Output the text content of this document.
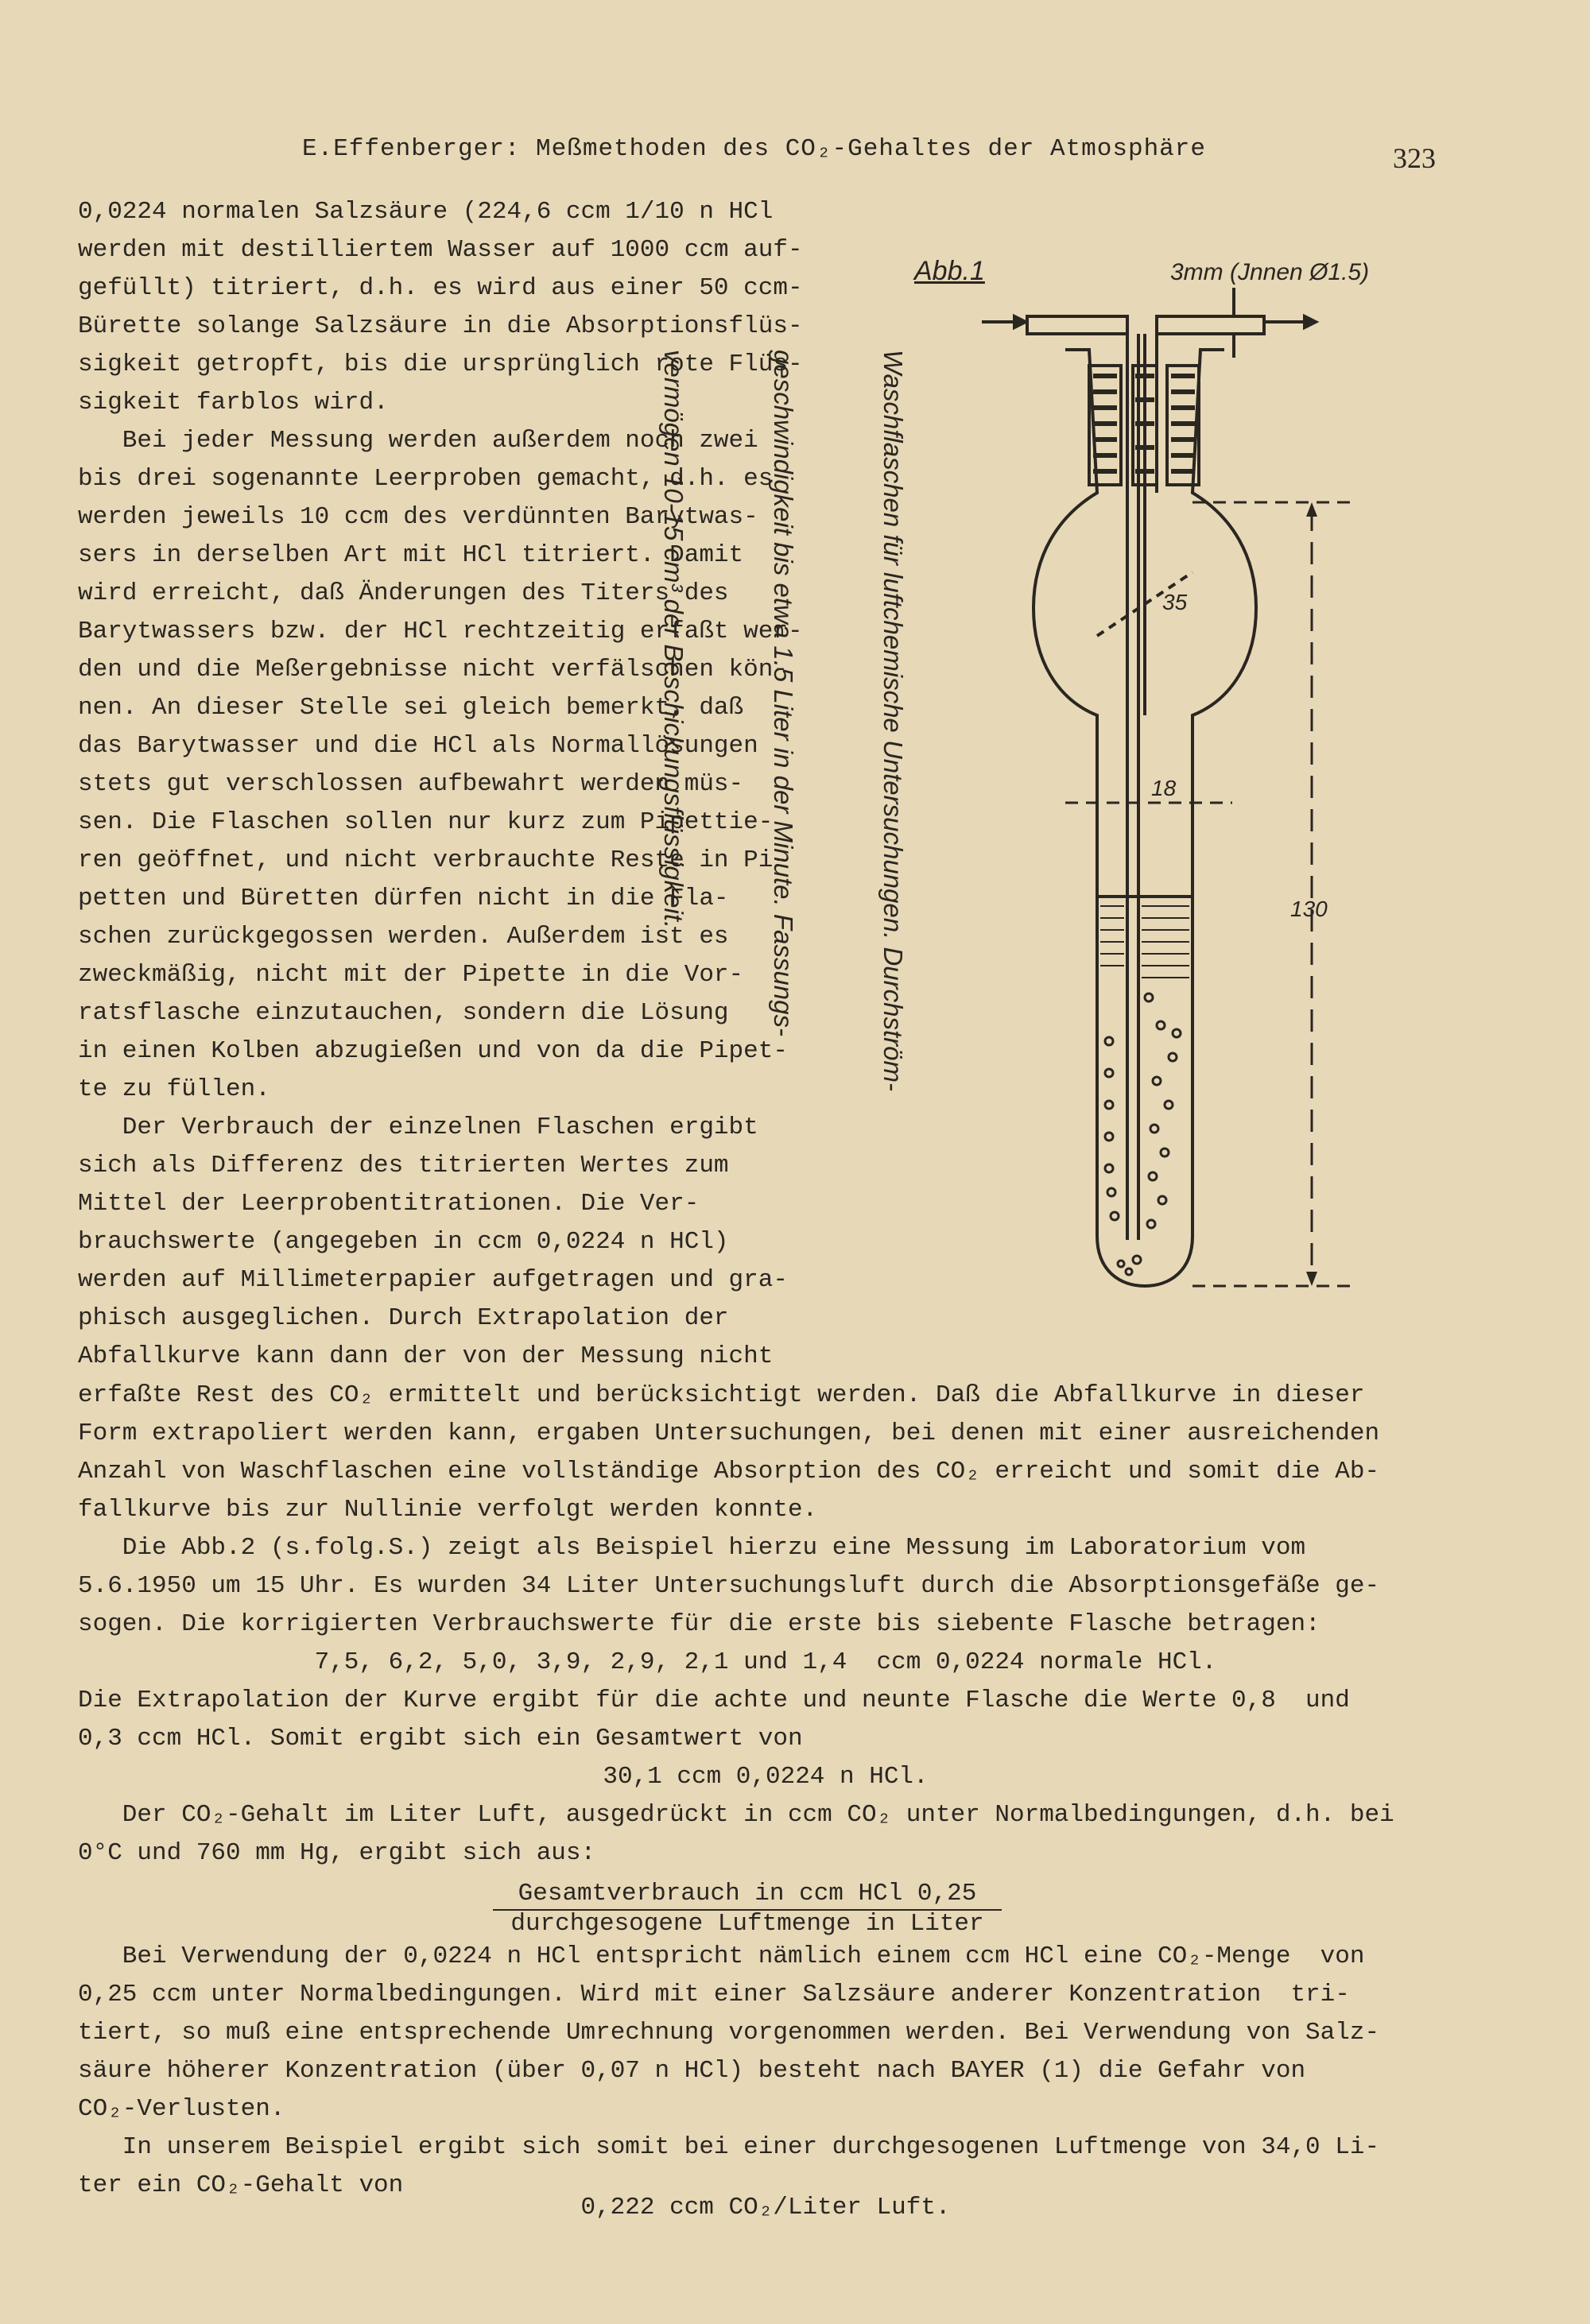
E.Effenberger: Meßmethoden des CO₂-Gehaltes der Atmosphäre	323
0,0224 normalen Salzsäure (224,6 ccm 1/10 n HCl
werden mit destilliertem Wasser auf 1000 ccm auf-
gefüllt) titriert, d.h. es wird aus einer 50 ccm-
Bürette solange Salzsäure in die Absorptionsflüs-
sigkeit getropft, bis die ursprünglich rote Flüs-
sigkeit farblos wird.
Bei jeder Messung werden außerdem noch zwei
bis drei sogenannte Leerproben gemacht, d.h. es
werden jeweils 10 ccm des verdünnten Barytwas-
sers in derselben Art mit HCl titriert. Damit
wird erreicht, daß Änderungen des Titers des
Barytwassers bzw. der HCl rechtzeitig erfaßt wer-
den und die Meßergebnisse nicht verfälschen kön-
nen. An dieser Stelle sei gleich bemerkt, daß
das Barytwasser und die HCl als Normallösungen
stets gut verschlossen aufbewahrt werden müs-
sen. Die Flaschen sollen nur kurz zum Pipettie-
ren geöffnet, und nicht verbrauchte Reste in Pi-
petten und Büretten dürfen nicht in die Fla-
schen zurückgegossen werden. Außerdem ist es
zweckmäßig, nicht mit der Pipette in die Vor-
ratsflasche einzutauchen, sondern die Lösung
in einen Kolben abzugießen und von da die Pipet-
te zu füllen.
Der Verbrauch der einzelnen Flaschen ergibt
sich als Differenz des titrierten Wertes zum
Mittel der Leerprobentitrationen. Die Ver-
brauchswerte (angegeben in ccm 0,0224 n HCl)
werden auf Millimeterpapier aufgetragen und gra-
phisch ausgeglichen. Durch Extrapolation der
Abfallkurve kann dann der von der Messung nicht
Abb.1	3mm (Jnnen Ø1.5)

Waschflaschen für luftchemische Untersuchungen. Durchström-

geschwindigkeit bis etwa 1.5 Liter in der Minute. Fassungs-

vermögen 10-15 cm³ der Beschickungsflüssigkeit.

	35
18
130
erfaßte Rest des CO₂ ermittelt und berücksichtigt werden. Daß die Abfallkurve in dieser
Form extrapoliert werden kann, ergaben Untersuchungen, bei denen mit einer ausreichenden
Anzahl von Waschflaschen eine vollständige Absorption des CO₂ erreicht und somit die Ab-
fallkurve bis zur Nullinie verfolgt werden konnte.
Die Abb.2 (s.folg.S.) zeigt als Beispiel hierzu eine Messung im Laboratorium vom
5.6.1950 um 15 Uhr. Es wurden 34 Liter Untersuchungsluft durch die Absorptionsgefäße ge-
sogen. Die korrigierten Verbrauchswerte für die erste bis siebente Flasche betragen:
7,5, 6,2, 5,0, 3,9, 2,9, 2,1 und 1,4  ccm 0,0224 normale HCl.
Die Extrapolation der Kurve ergibt für die achte und neunte Flasche die Werte 0,8  und
0,3 ccm HCl. Somit ergibt sich ein Gesamtwert von
30,1 ccm 0,0224 n HCl.
Der CO₂-Gehalt im Liter Luft, ausgedrückt in ccm CO₂ unter Normalbedingungen, d.h. bei
0°C und 760 mm Hg, ergibt sich aus:
Gesamtverbrauch in ccm HCl 0,25
durchgesogene Luftmenge in Liter
Bei Verwendung der 0,0224 n HCl entspricht nämlich einem ccm HCl eine CO₂-Menge  von
0,25 ccm unter Normalbedingungen. Wird mit einer Salzsäure anderer Konzentration  tri-
tiert, so muß eine entsprechende Umrechnung vorgenommen werden. Bei Verwendung von Salz-
säure höherer Konzentration (über 0,07 n HCl) besteht nach BAYER (1) die Gefahr von
CO₂-Verlusten.
In unserem Beispiel ergibt sich somit bei einer durchgesogenen Luftmenge von 34,0 Li-
ter ein CO₂-Gehalt von
0,222 ccm CO₂/Liter Luft.
